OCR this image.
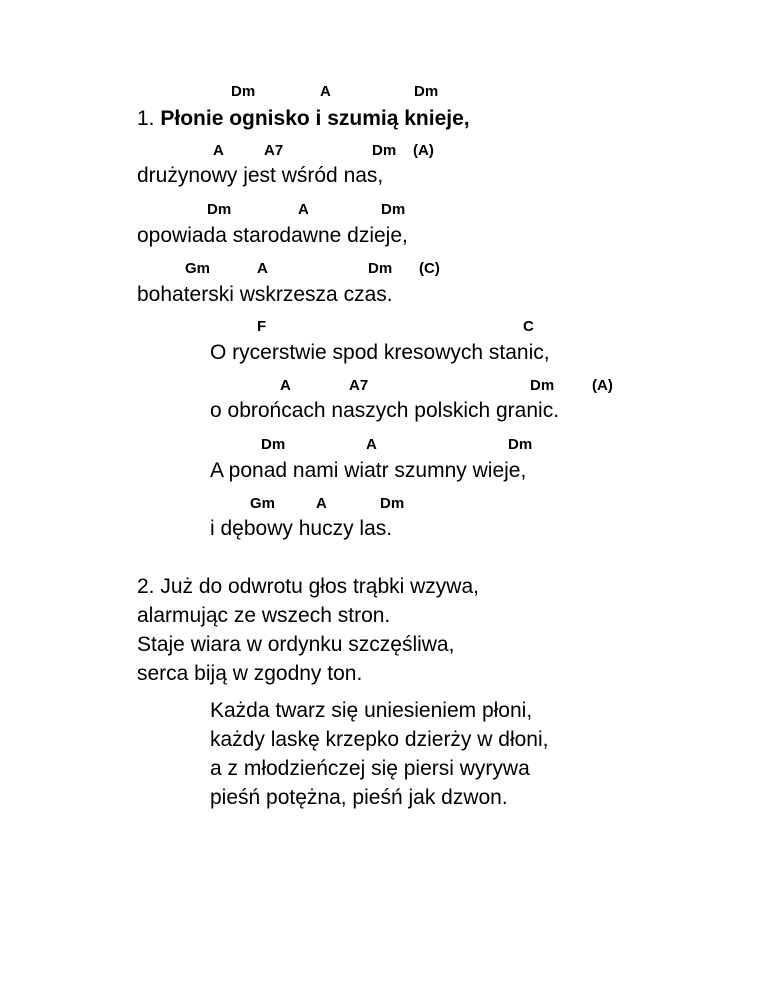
Dm	A	Dm
1. Płonie ognisko i szumią knieje,
A	A7	Dm (A)
drużynowy jest wśród nas,
Dm	A	Dm
opowiada starodawne dzieje,
Gm	A	Dm (C)
bohaterski wskrzesza czas.
F	C
O rycerstwie spod kresowych stanic,
A	A7	Dm	(A)
o obrońcach naszych polskich granic.
Dm	A	Dm
A ponad nami wiatr szumny wieje,
Gm	A	Dm
i dębowy huczy las.
2. Już do odwrotu głos trąbki wzywa,
alarmując ze wszech stron.
Staje wiara w ordynku szczęśliwa,
serca biją w zgodny ton.
Każda twarz się uniesieniem płoni,
każdy laskę krzepko dzierży w dłoni,
a z młodzieńczej się piersi wyrywa
pieśń potężna, pieśń jak dzwon.
